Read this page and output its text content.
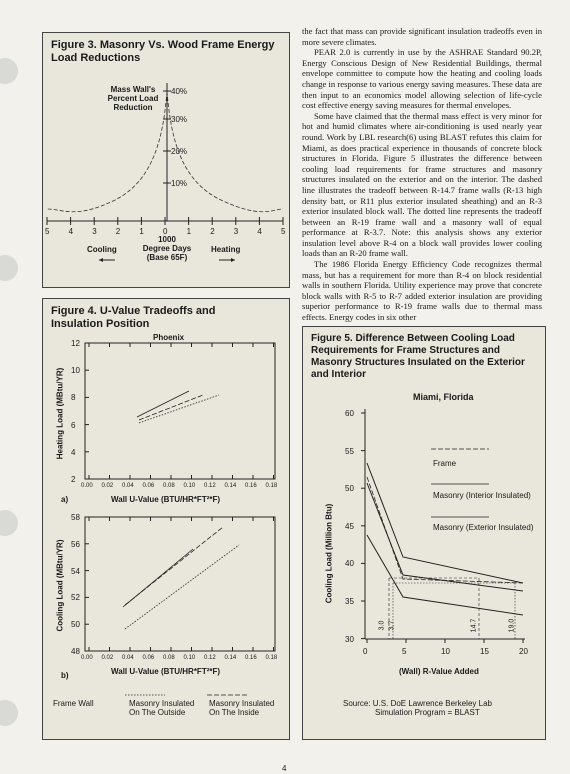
Figure 3. Masonry Vs. Wood Frame Energy Load Reductions
Mass Wall's
Percent Load
Reduction
40%
30%
20%
10%
5 4 3 2 1 0 1 2 3 4 5
Cooling	Heating
1000
Degree Days
(Base 65F)
Figure 4. U-Value Tradeoffs and Insulation Position
Phoenix
12
10
8
6
4
2
0.00 0.02 0.04 0.06 0.08 0.10 0.12 0.14 0.16 0.18
58
56
54
52
50
48
0.00 0.02 0.04 0.06 0.08 0.10 0.12 0.14 0.16 0.18
Heating Load (MBtu/YR)
Cooling Load (MBtu/YR)
Wall U-Value (BTU/HR*FT²*F)
Wall U-Value (BTU/HR*FT²*F)
a)
b)
Frame Wall	Masonry Insulated
On The Outside
Masonry Insulated
On The Inside

the fact that mass can provide significant insulation tradeoffs even in more severe climates.

PEAR 2.0 is currently in use by the ASHRAE Standard 90.2P, Energy Conscious Design of New Residential Buildings, thermal envelope committee to compute how the heating and cooling loads change in response to various energy saving measures. These data are then input to an economics model allowing selection of life-cycle cost effective energy saving measures for thermal envelopes.

Some have claimed that the thermal mass effect is very minor for hot and humid climates where air-conditioning is used nearly year round. Work by LBL research(6) using BLAST refutes this claim for Miami, as does practical experience in thousands of concrete block structures in Florida. Figure 5 illustrates the difference between cooling load requirements for frame structures and masonry structures insulated on the exterior and on the interior. The dashed line illustrates the tradeoff between R-14.7 frame walls (R-13 high density batt, or R11 plus exterior insulated sheathing) and an R-3 exterior insulated block wall. The dotted line represents the tradeoff between an R-19 frame wall and a masonry wall of equal performance at R-3.7. Note: this analysis shows any exterior insulation level above R-4 on a block wall provides lower cooling loads than an R-20 frame wall.

The 1986 Florida Energy Efficiency Code recognizes thermal mass, but has a requirement for more than R-4 on block residential walls in southern Florida. Utility experience may prove that concrete block walls with R-5 to R-7 added exterior insulation are providing superior performance to R-19 frame walls due to thermal mass effects. Energy codes in six other

Figure 5. Difference Between Cooling Load Requirements for Frame Structures and Masonry Structures Insulated on the Exterior and Interior
Miami, Florida
60
55
50
45
40
35
30
0	5	10	15	20
Frame
Masonry (Interior Insulated)
Masonry (Exterior Insulated)
Cooling Load (Million Btu)
(Wall) R-Value Added
3.0 3.7	14.7	19.0
Source: U.S. DoE Lawrence Berkeley Lab
Simulation Program = BLAST
4
